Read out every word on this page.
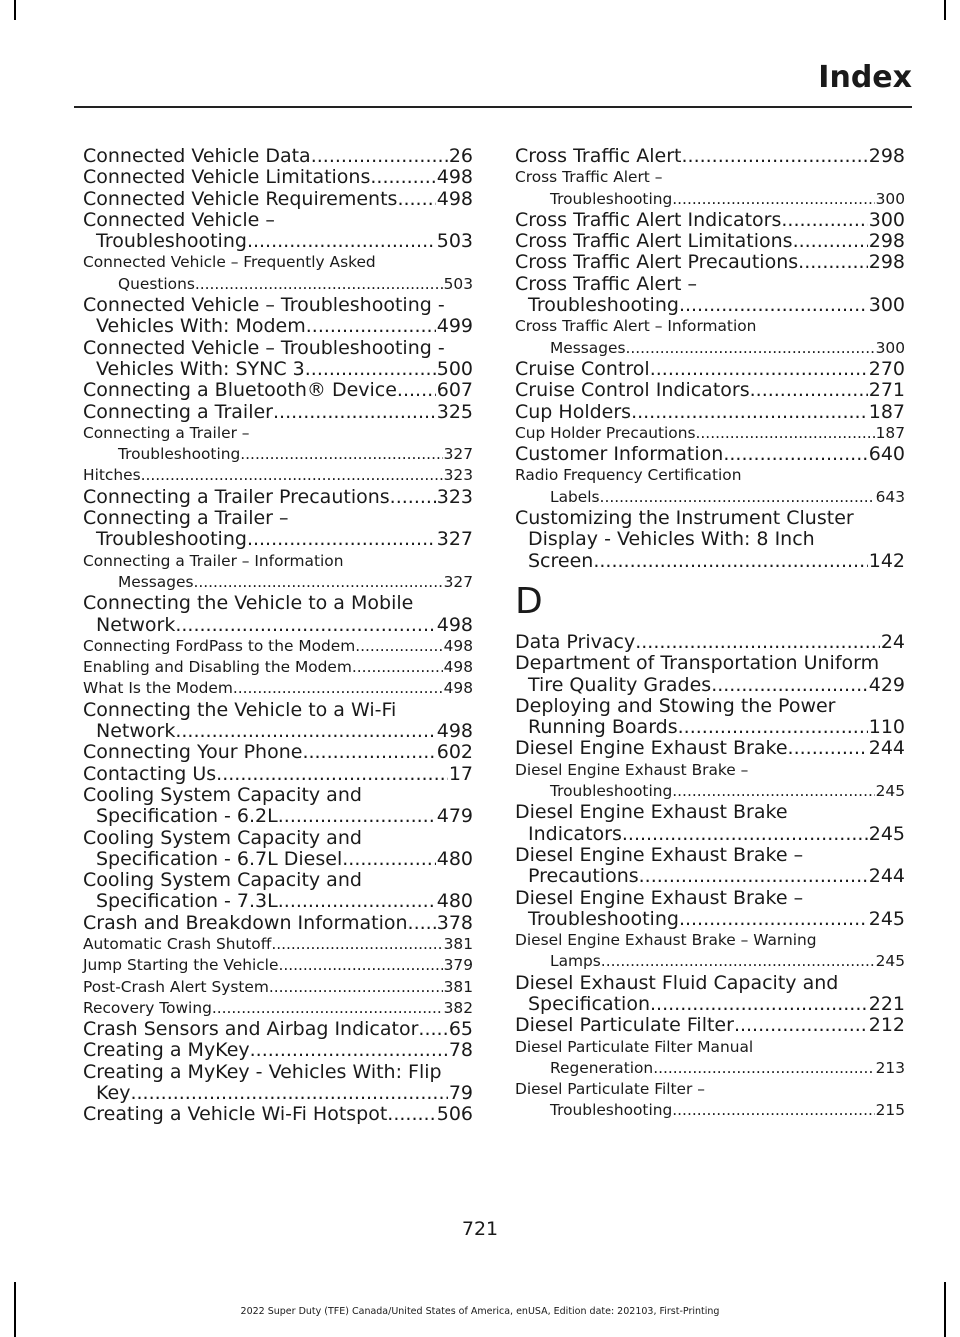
Index
Connected Vehicle Data .....	26
Connected Vehicle Limitations .....	498
Connected Vehicle Requirements ..... 498
Connected Vehicle –
Troubleshooting .....	503
Connected Vehicle – Frequently Asked
Questions .....	503
Connected Vehicle – Troubleshooting -
Vehicles With: Modem .....	499
Connected Vehicle – Troubleshooting -
Vehicles With: SYNC 3 .....	500
Connecting a Bluetooth® Device ..... 607
Connecting a Trailer .....	325
Connecting a Trailer –
Troubleshooting .....	327
Hitches .....	323
Connecting a Trailer Precautions ..... 323
Connecting a Trailer –
Troubleshooting .....	327
Connecting a Trailer – Information
Messages .....	327
Connecting the Vehicle to a Mobile
Network .....	498
Connecting FordPass to the Modem .....	498
Enabling and Disabling the Modem .....	498
What Is the Modem .....	498
Connecting the Vehicle to a Wi-Fi
Network .....	498
Connecting Your Phone .....	602
Contacting Us .....	17
Cooling System Capacity and
Specification - 6.2L .....	479
Cooling System Capacity and
Specification - 6.7L Diesel .....	480
Cooling System Capacity and
Specification - 7.3L .....	480
Crash and Breakdown Information ..... 378
Automatic Crash Shutoff .....	381
Jump Starting the Vehicle .....	379
Post-Crash Alert System .....	381
Recovery Towing .....	382
Crash Sensors and Airbag Indicator ..... 65
Creating a MyKey .....	78
Creating a MyKey - Vehicles With: Flip
Key .....	79
Creating a Vehicle Wi-Fi Hotspot .....	506
Cross Traffic Alert .....	298
Cross Traffic Alert –
Troubleshooting .....	300
Cross Traffic Alert Indicators .....	300
Cross Traffic Alert Limitations .....	298
Cross Traffic Alert Precautions .....	298
Cross Traffic Alert –
Troubleshooting .....	300
Cross Traffic Alert – Information
Messages .....	300
Cruise Control .....	270
Cruise Control Indicators .....	271
Cup Holders .....	187
Cup Holder Precautions .....	187
Customer Information .....	640
Radio Frequency Certification
Labels .....	643
Customizing the Instrument Cluster
Display - Vehicles With: 8 Inch
Screen .....	142
D
Data Privacy .....	24
Department of Transportation Uniform
Tire Quality Grades .....	429
Deploying and Stowing the Power
Running Boards .....	110
Diesel Engine Exhaust Brake .....	244
Diesel Engine Exhaust Brake –
Troubleshooting .....	245
Diesel Engine Exhaust Brake
Indicators .....	245
Diesel Engine Exhaust Brake –
Precautions .....	244
Diesel Engine Exhaust Brake –
Troubleshooting .....	245
Diesel Engine Exhaust Brake – Warning
Lamps .....	245
Diesel Exhaust Fluid Capacity and
Specification .....	221
Diesel Particulate Filter .....	212
Diesel Particulate Filter Manual
Regeneration .....	213
Diesel Particulate Filter –
Troubleshooting .....	215
721
2022 Super Duty (TFE) Canada/United States of America, enUSA, Edition date: 202103, First-Printing
